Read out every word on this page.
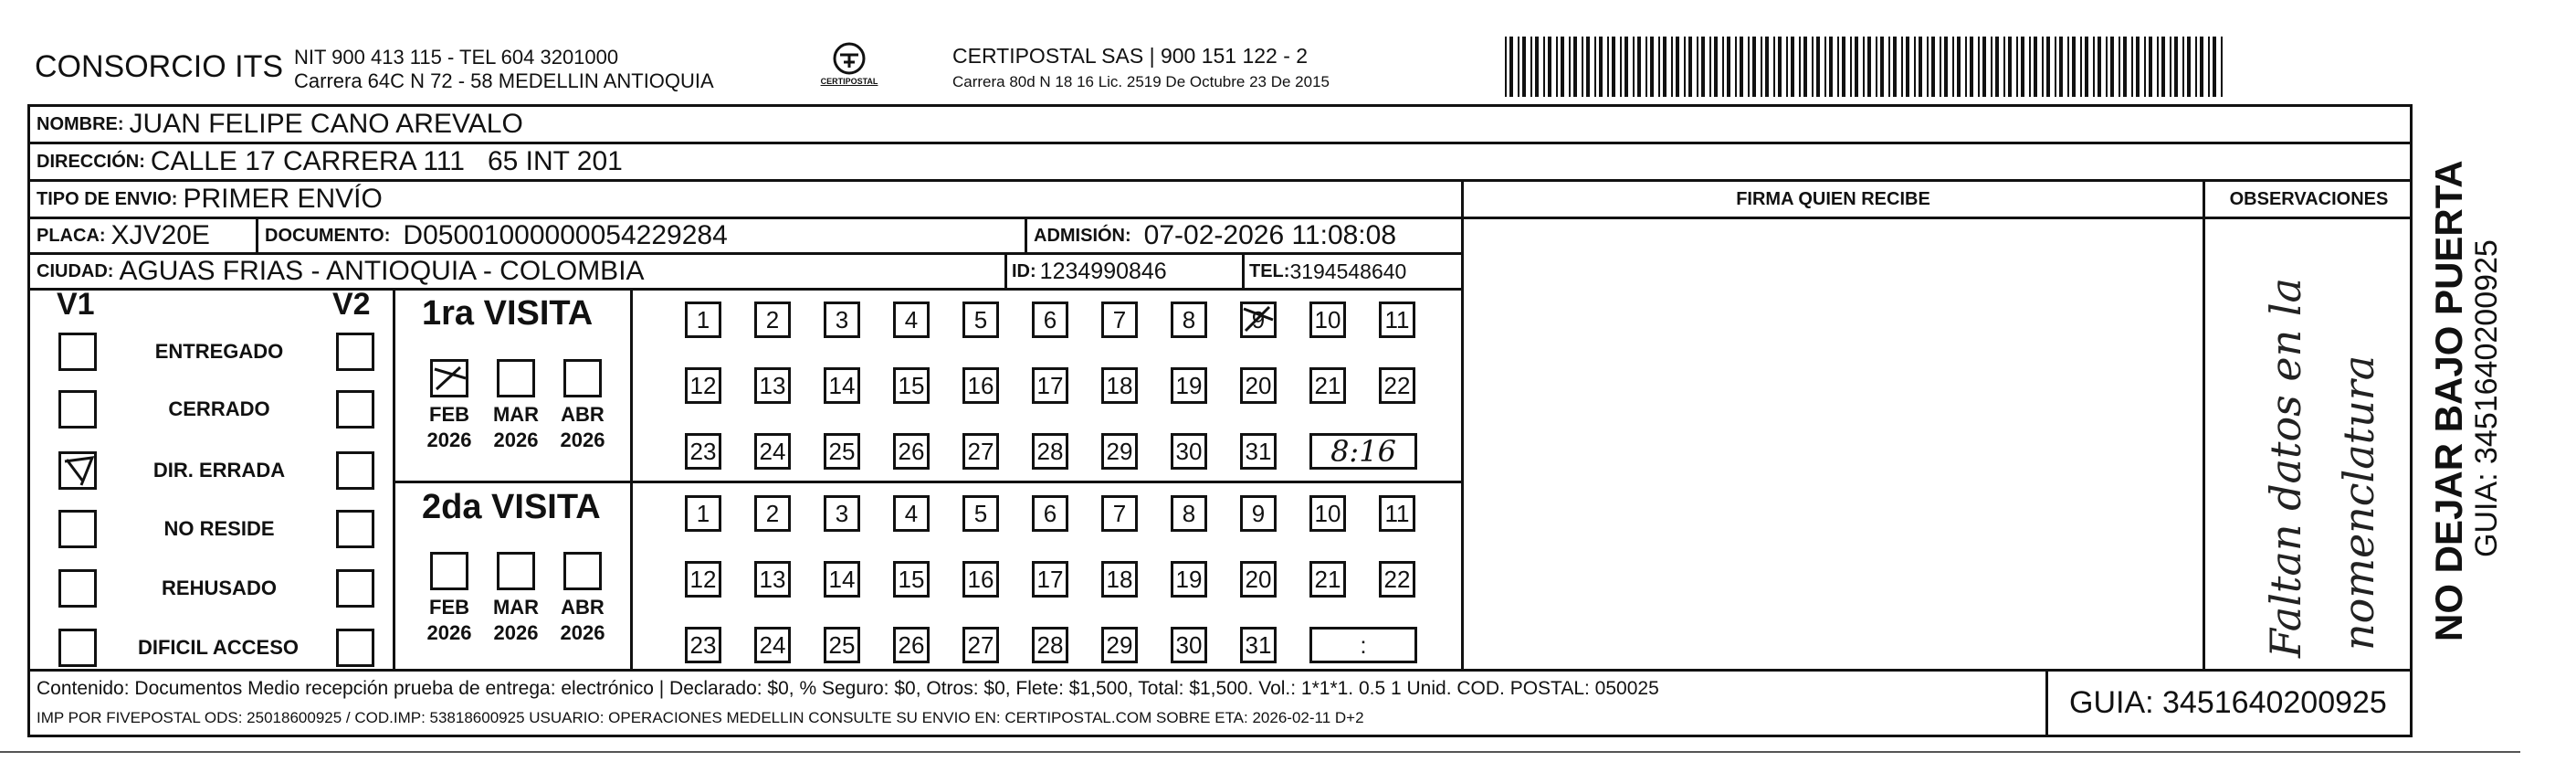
CONSORCIO ITS NIT 900 413 115 - TEL 604 3201000
Carrera 64C N 72 - 58 MEDELLIN ANTIOQUIA	CERTIPOSTAL
CERTIPOSTAL SAS | 900 151 122 - 2
Carrera 80d N 18 16 Lic. 2519 De Octubre 23 De 2015
NOMBRE: JUAN FELIPE CANO AREVALO
DIRECCIÓN: CALLE 17 CARRERA 111   65 INT 201
TIPO DE ENVIO: PRIMER ENVÍO	FIRMA QUIEN RECIBE	OBSERVACIONES
PLACA: XJV20E	DOCUMENTO: D05001000000054229284	ADMISIÓN: 07-02-2026 11:08:08
CIUDAD: AGUAS FRIAS - ANTIOQUIA - COLOMBIA	ID: 1234990846	TEL: 3194548640
V1	V2
ENTREGADO
CERRADO
DIR. ERRADA
NO RESIDE
REHUSADO
DIFICIL ACCESO
1ra VISITA
FEB
2026
MAR
2026
ABR
2026
1	2	3	4	5	6	7	8	9	10 11
12 13 14 15 16 17 18 19 20 21 22
23 24 25 26 27 28 29 30 31	8:16
2da VISITA
FEB
2026
MAR
2026
ABR
2026
1	2	3	4	5	6	7	8	9	10 11
12 13 14 15 16 17 18 19 20 21 22
23 24 25 26 27 28 29 30 31	:	Faltan datos en la nomenclatura
Contenido: Documentos Medio recepción prueba de entrega: electrónico | Declarado: $0, % Seguro: $0, Otros: $0, Flete: $1,500, Total: $1,500. Vol.: 1*1*1. 0.5 1 Unid. COD. POSTAL: 050025
IMP POR FIVEPOSTAL ODS: 25018600925 / COD.IMP: 53818600925 USUARIO: OPERACIONES MEDELLIN CONSULTE SU ENVIO EN: CERTIPOSTAL.COM SOBRE ETA: 2026-02-11 D+2	GUIA: 3451640200925
NO DEJAR BAJO PUERTA GUIA: 3451640200925
